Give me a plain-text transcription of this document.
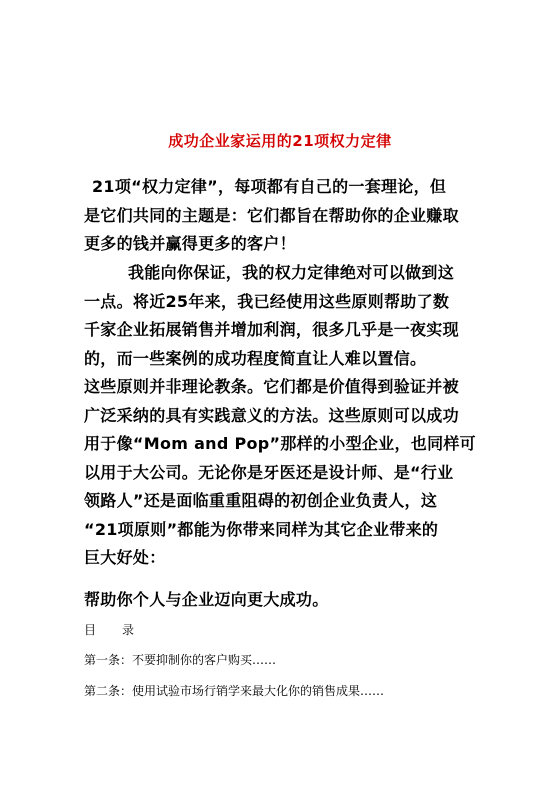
成功企业家运用的21项权力定律
21项“权力定律”，每项都有自己的一套理论，但
是它们共同的主题是：它们都旨在帮助你的企业赚取
更多的钱并赢得更多的客户！
我能向你保证，我的权力定律绝对可以做到这
一点。将近25年来，我已经使用这些原则帮助了数
千家企业拓展销售并增加利润，很多几乎是一夜实现
的，而一些案例的成功程度简直让人难以置信。
这些原则并非理论教条。它们都是价值得到验证并被
广泛采纳的具有实践意义的方法。这些原则可以成功
用于像“Mom and Pop”那样的小型企业，也同样可
以用于大公司。无论你是牙医还是设计师、是“行业
领路人”还是面临重重阻碍的初创企业负责人，这
“21项原则”都能为你带来同样为其它企业带来的
巨大好处：
帮助你个人与企业迈向更大成功。
目 录
第一条：不要抑制你的客户购买……
第二条：使用试验市场行销学来最大化你的销售成果……
